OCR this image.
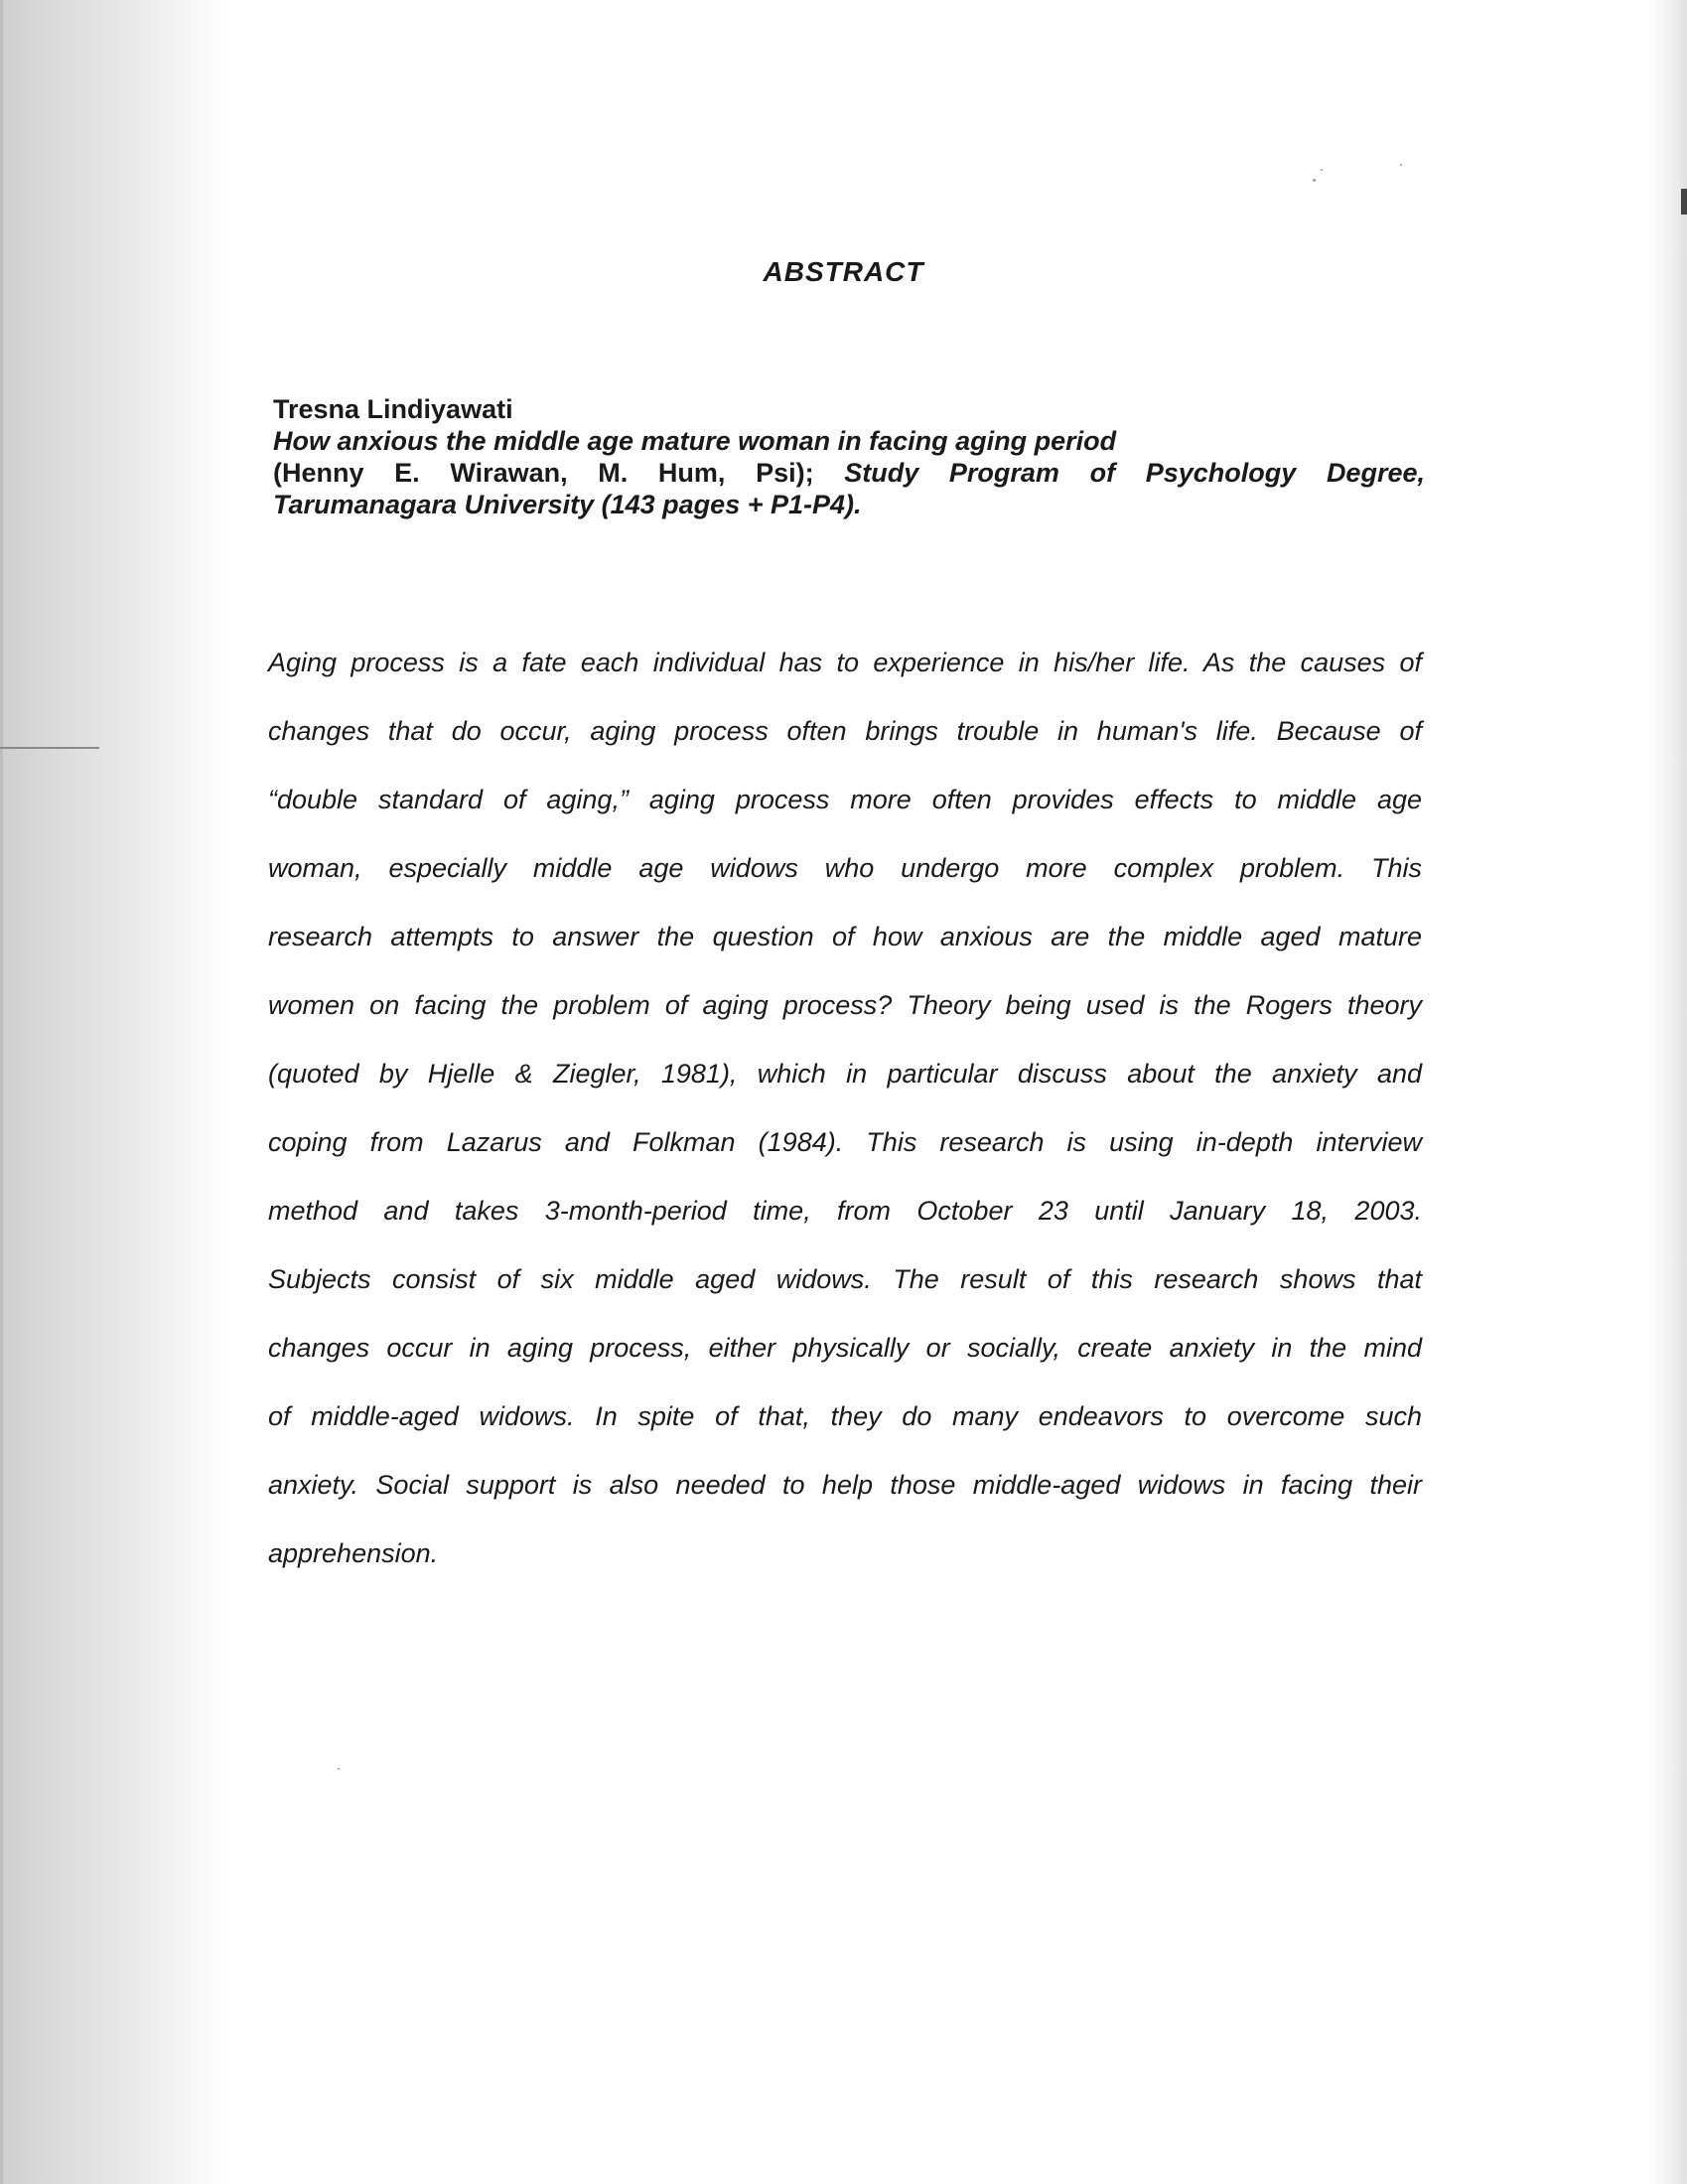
ABSTRACT
Tresna Lindiyawati
How anxious the middle age mature woman in facing aging period
(Henny E. Wirawan, M. Hum, Psi); Study Program of Psychology Degree,
Tarumanagara University (143 pages + P1-P4).
Aging process is a fate each individual has to experience in his/her life. As the causes of
changes that do occur, aging process often brings trouble in human's life. Because of
“double standard of aging,” aging process more often provides effects to middle age
woman, especially middle age widows who undergo more complex problem. This
research attempts to answer the question of how anxious are the middle aged mature
women on facing the problem of aging process? Theory being used is the Rogers theory
(quoted by Hjelle & Ziegler, 1981), which in particular discuss about the anxiety and
coping from Lazarus and Folkman (1984). This research is using in-depth interview
method and takes 3-month-period time, from October 23 until January 18, 2003.
Subjects consist of six middle aged widows. The result of this research shows that
changes occur in aging process, either physically or socially, create anxiety in the mind
of middle-aged widows. In spite of that, they do many endeavors to overcome such
anxiety. Social support is also needed to help those middle-aged widows in facing their
apprehension.
